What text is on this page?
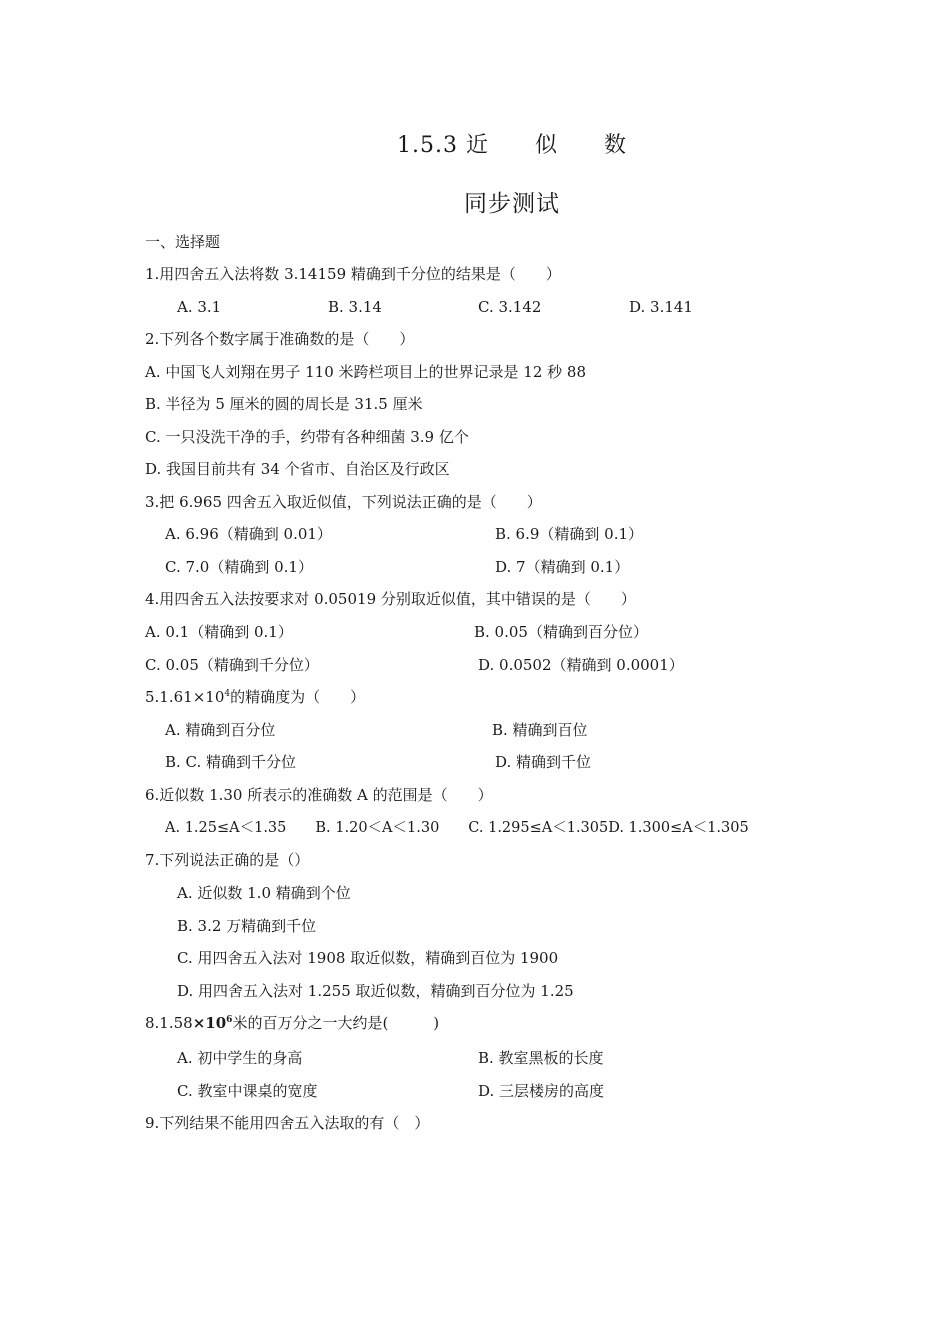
1.5.3 近　　似　　数
同步测试
一、选择题
1.用四舍五入法将数 3.14159 精确到千分位的结果是（　　）
A. 3.1	B. 3.14	C. 3.142	D. 3.141
2.下列各个数字属于准确数的是（　　）
A. 中国飞人刘翔在男子 110 米跨栏项目上的世界记录是 12 秒 88
B. 半径为 5 厘米的圆的周长是 31.5 厘米
C. 一只没洗干净的手，约带有各种细菌 3.9 亿个
D. 我国目前共有 34 个省市、自治区及行政区
3.把 6.965 四舍五入取近似值，下列说法正确的是（　　）
A. 6.96（精确到 0.01）	B. 6.9（精确到 0.1）
C. 7.0（精确到 0.1）	D. 7（精确到 0.1）
4.用四舍五入法按要求对 0.05019 分别取近似值，其中错误的是（　　）
A. 0.1（精确到 0.1）	B. 0.05（精确到百分位）
C. 0.05（精确到千分位）	D. 0.0502（精确到 0.0001）
$5.1.61\times 10^4$的精确度为（　　）
A. 精确到百分位	B. 精确到百位
B. C. 精确到千分位	D. 精确到千位
6.近似数 1.30 所表示的准确数 A 的范围是（　　）
A. 1.25≤A＜1.35　　B. 1.20＜A＜1.30　　C. 1.295≤A＜1.305D. 1.300≤A＜1.305
7.下列说法正确的是（）
A. 近似数 1.0 精确到个位
B. 3.2 万精确到千位
C. 用四舍五入法对 1908 取近似数，精确到百位为 1900
D. 用四舍五入法对 1.255 取近似数，精确到百分位为 1.25
$8.1.58\times 10^6$米的百万分之一大约是(　　　)
A. 初中学生的身高	B. 教室黑板的长度
C. 教室中课桌的宽度	D. 三层楼房的高度
9.下列结果不能用四舍五入法取的有（　）
